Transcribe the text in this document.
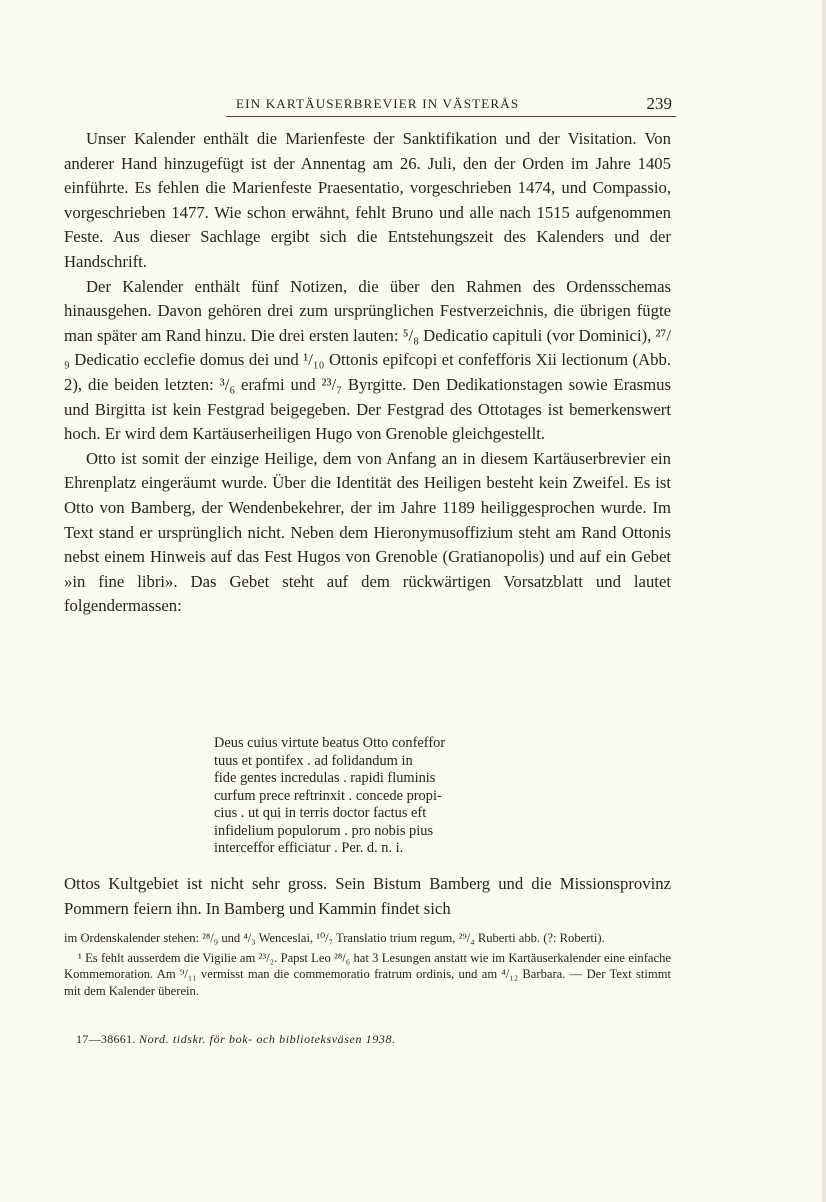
EIN KARTÄUSERBREVIER IN VÄSTERÅS	239

Unser Kalender enthält die Marienfeste der Sanktifikation und der Visitation. Von anderer Hand hinzugefügt ist der Annentag am 26. Juli, den der Orden im Jahre 1405 einführte. Es fehlen die Marienfeste Praesentatio, vorgeschrieben 1474, und Compassio, vorgeschrieben 1477. Wie schon erwähnt, fehlt Bruno und alle nach 1515 aufgenommen Feste. Aus dieser Sachlage ergibt sich die Entstehungszeit des Kalenders und der Handschrift.

Der Kalender enthält fünf Notizen, die über den Rahmen des Ordensschemas hinausgehen. Davon gehören drei zum ursprünglichen Festverzeichnis, die übrigen fügte man später am Rand hinzu. Die drei ersten lauten: ⁵/₈ Dedicatio capituli (vor Dominici), ²⁷/₉ Dedicatio ecclefie domus dei und ¹/₁₀ Ottonis epifcopi et confefforis Xii lectionum (Abb. 2), die beiden letzten: ³/₆ erafmi und ²³/₇ Byrgitte. Den Dedikationstagen sowie Erasmus und Birgitta ist kein Festgrad beigegeben. Der Festgrad des Ottotages ist bemerkenswert hoch. Er wird dem Kartäuserheiligen Hugo von Grenoble gleichgestellt.

Otto ist somit der einzige Heilige, dem von Anfang an in diesem Kartäuserbrevier ein Ehrenplatz eingeräumt wurde. Über die Identität des Heiligen besteht kein Zweifel. Es ist Otto von Bamberg, der Wendenbekehrer, der im Jahre 1189 heiliggesprochen wurde. Im Text stand er ursprünglich nicht. Neben dem Hieronymusoffizium steht am Rand Ottonis nebst einem Hinweis auf das Fest Hugos von Grenoble (Gratianopolis) und auf ein Gebet »in fine libri». Das Gebet steht auf dem rückwärtigen Vorsatzblatt und lautet folgendermassen:

Deus cuius virtute beatus Otto confeffor
tuus et pontifex . ad folidandum in
fide gentes incredulas . rapidi fluminis
curfum prece reftrinxit . concede propi-
cius . ut qui in terris doctor factus eft
infidelium populorum . pro nobis pius
interceffor efficiatur . Per. d. n. i.

Ottos Kultgebiet ist nicht sehr gross. Sein Bistum Bamberg und die Missionsprovinz Pommern feiern ihn. In Bamberg und Kammin findet sich

im Ordenskalender stehen: ²⁸/₉ und ⁴/₃ Wenceslai, ¹⁰/₇ Translatio trium regum, ²⁹/₄ Ruberti abb. (?: Roberti).

¹ Es fehlt ausserdem die Vigilie am ²³/₂. Papst Leo ²⁸/₆ hat 3 Lesungen anstatt wie im Kartäuserkalender eine einfache Kommemoration. Am ⁹/₁₁ vermisst man die commemoratio fratrum ordinis, und am ⁴/₁₂ Barbara. — Der Text stimmt mit dem Kalender überein.

17—38661. Nord. tidskr. för bok- och biblioteksväsen 1938.
